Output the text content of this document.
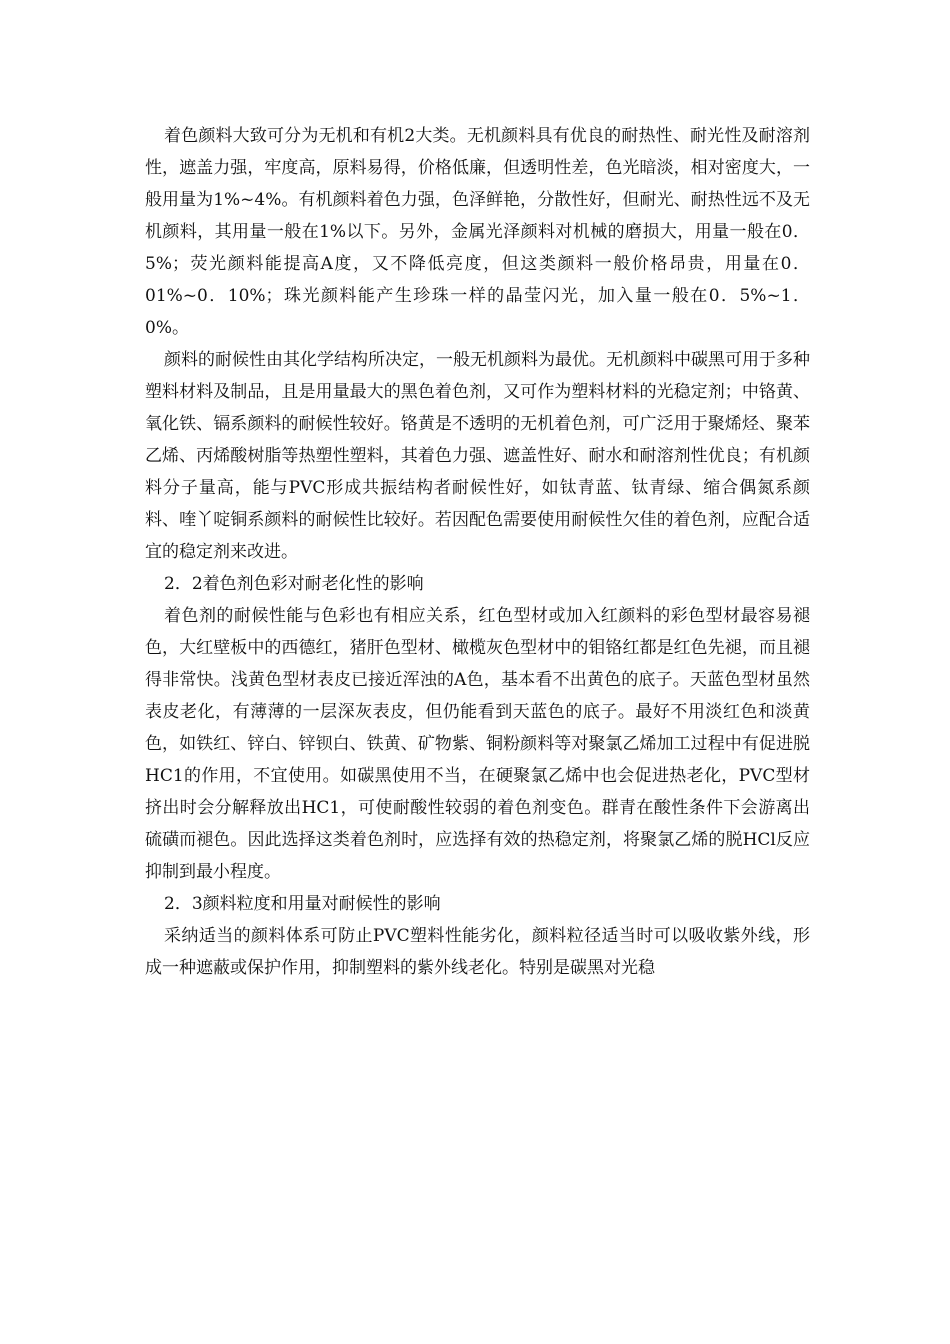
着色颜料大致可分为无机和有机2大类。无机颜料具有优良的耐热性、耐光性及耐溶剂性，遮盖力强，牢度高，原料易得，价格低廉，但透明性差，色光暗淡，相对密度大，一般用量为1%~4%。有机颜料着色力强，色泽鲜艳，分散性好，但耐光、耐热性远不及无机颜料，其用量一般在1%以下。另外，金属光泽颜料对机械的磨损大，用量一般在0．5%；荧光颜料能提高A度，又不降低亮度，但这类颜料一般价格昂贵，用量在0．01%~0．10%；珠光颜料能产生珍珠一样的晶莹闪光，加入量一般在0．5%~1．0%。

颜料的耐候性由其化学结构所决定，一般无机颜料为最优。无机颜料中碳黑可用于多种塑料材料及制品，且是用量最大的黑色着色剂，又可作为塑料材料的光稳定剂；中铬黄、氧化铁、镉系颜料的耐候性较好。铬黄是不透明的无机着色剂，可广泛用于聚烯烃、聚苯乙烯、丙烯酸树脂等热塑性塑料，其着色力强、遮盖性好、耐水和耐溶剂性优良；有机颜料分子量高，能与PVC形成共振结构者耐候性好，如钛青蓝、钛青绿、缩合偶氮系颜料、喹丫啶铜系颜料的耐候性比较好。若因配色需要使用耐候性欠佳的着色剂，应配合适宜的稳定剂来改进。

2．2着色剂色彩对耐老化性的影响

着色剂的耐候性能与色彩也有相应关系，红色型材或加入红颜料的彩色型材最容易褪色，大红壁板中的西德红，猪肝色型材、橄榄灰色型材中的钼铬红都是红色先褪，而且褪得非常快。浅黄色型材表皮已接近浑浊的A色，基本看不出黄色的底子。天蓝色型材虽然表皮老化，有薄薄的一层深灰表皮，但仍能看到天蓝色的底子。最好不用淡红色和淡黄色，如铁红、锌白、锌钡白、铁黄、矿物紫、铜粉颜料等对聚氯乙烯加工过程中有促进脱HC1的作用，不宜使用。如碳黑使用不当，在硬聚氯乙烯中也会促进热老化，PVC型材挤出时会分解释放出HC1，可使耐酸性较弱的着色剂变色。群青在酸性条件下会游离出硫磺而褪色。因此选择这类着色剂时，应选择有效的热稳定剂，将聚氯乙烯的脱HCl反应抑制到最小程度。

2．3颜料粒度和用量对耐候性的影响

采纳适当的颜料体系可防止PVC塑料性能劣化，颜料粒径适当时可以吸收紫外线，形成一种遮蔽或保护作用，抑制塑料的紫外线老化。特别是碳黑对光稳
